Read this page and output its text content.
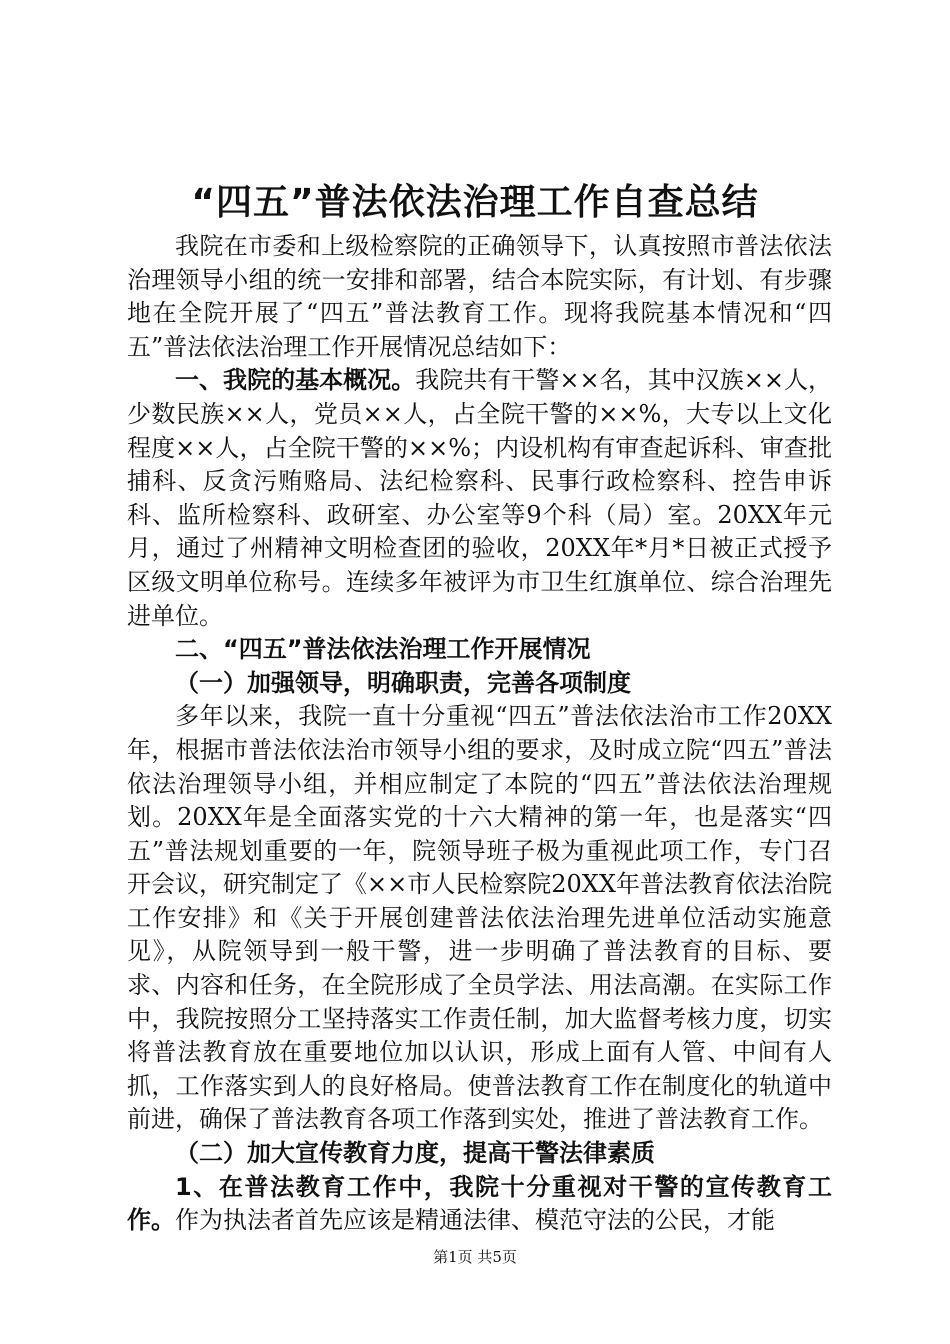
“四五”普法依法治理工作自查总结

我院在市委和上级检察院的正确领导下，认真按照市普法依法治理领导小组的统一安排和部署，结合本院实际，有计划、有步骤地在全院开展了“四五”普法教育工作。现将我院基本情况和“四五”普法依法治理工作开展情况总结如下：

一、我院的基本概况。我院共有干警××名，其中汉族××人，少数民族××人，党员××人，占全院干警的××%，大专以上文化程度××人，占全院干警的××%；内设机构有审查起诉科、审查批捕科、反贪污贿赂局、法纪检察科、民事行政检察科、控告申诉科、监所检察科、政研室、办公室等9个科（局）室。20XX年元月，通过了州精神文明检查团的验收，20XX年*月*日被正式授予区级文明单位称号。连续多年被评为市卫生红旗单位、综合治理先进单位。

二、“四五”普法依法治理工作开展情况

（一）加强领导，明确职责，完善各项制度

多年以来，我院一直十分重视“四五”普法依法治市工作20XX年，根据市普法依法治市领导小组的要求，及时成立院“四五”普法依法治理领导小组，并相应制定了本院的“四五”普法依法治理规划。20XX年是全面落实党的十六大精神的第一年，也是落实“四五”普法规划重要的一年，院领导班子极为重视此项工作，专门召开会议，研究制定了《××市人民检察院20XX年普法教育依法治院工作安排》和《关于开展创建普法依法治理先进单位活动实施意见》，从院领导到一般干警，进一步明确了普法教育的目标、要求、内容和任务，在全院形成了全员学法、用法高潮。在实际工作中，我院按照分工坚持落实工作责任制，加大监督考核力度，切实将普法教育放在重要地位加以认识，形成上面有人管、中间有人抓，工作落实到人的良好格局。使普法教育工作在制度化的轨道中前进，确保了普法教育各项工作落到实处，推进了普法教育工作。

（二）加大宣传教育力度，提高干警法律素质

1、在普法教育工作中，我院十分重视对干警的宣传教育工作。作为执法者首先应该是精通法律、模范守法的公民，才能

第1页 共5页
